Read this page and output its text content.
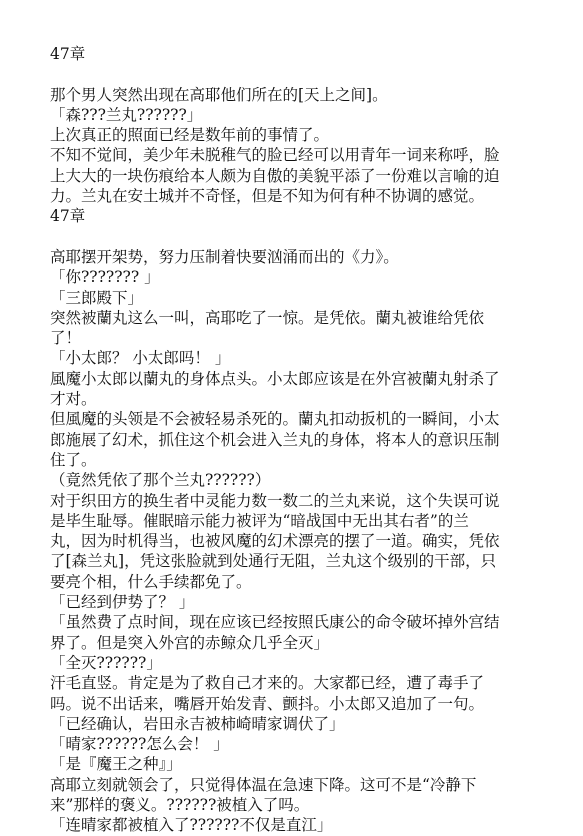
47章
那个男人突然出现在高耶他们所在的[天上之间]。
「森???兰丸??????」
上次真正的照面已经是数年前的事情了。
不知不觉间，美少年未脱稚气的脸已经可以用青年一词来称呼，脸
上大大的一块伤痕给本人颇为自傲的美貌平添了一份难以言喻的迫
力。兰丸在安土城并不奇怪，但是不知为何有种不协调的感觉。
47章
高耶摆开架势，努力压制着快要汹涌而出的《力》。
「你??????? 」
「三郎殿下」
突然被蘭丸这么一叫，高耶吃了一惊。是凭依。蘭丸被谁给凭依
了！
「小太郎？ 小太郎吗！ 」
風魔小太郎以蘭丸的身体点头。小太郎应该是在外宫被蘭丸射杀了
才对。
但風魔的头领是不会被轻易杀死的。蘭丸扣动扳机的一瞬间，小太
郎施展了幻术，抓住这个机会进入兰丸的身体，将本人的意识压制
住了。
（竟然凭依了那个兰丸??????）
对于织田方的换生者中灵能力数一数二的兰丸来说，这个失误可说
是毕生耻辱。催眠暗示能力被评为“暗战国中无出其右者”的兰
丸，因为时机得当，也被风魔的幻术漂亮的摆了一道。确实，凭依
了[森兰丸]，凭这张脸就到处通行无阻，兰丸这个级别的干部，只
要亮个相，什么手续都免了。
「已经到伊势了？ 」
「虽然费了点时间，现在应该已经按照氏康公的命令破坏掉外宫结
界了。但是突入外宫的赤鲸众几乎全灭」
「全灭??????」
汗毛直竖。肯定是为了救自己才来的。大家都已经，遭了毒手了
吗。说不出话来，嘴唇开始发青、颤抖。小太郎又追加了一句。
「已经确认，岩田永吉被柿崎晴家调伏了」
「晴家??????怎么会！ 」
「是『魔王之种』」
高耶立刻就领会了，只觉得体温在急速下降。这可不是“冷静下
来”那样的褒义。??????被植入了吗。
「连晴家都被植入了??????不仅是直江」
